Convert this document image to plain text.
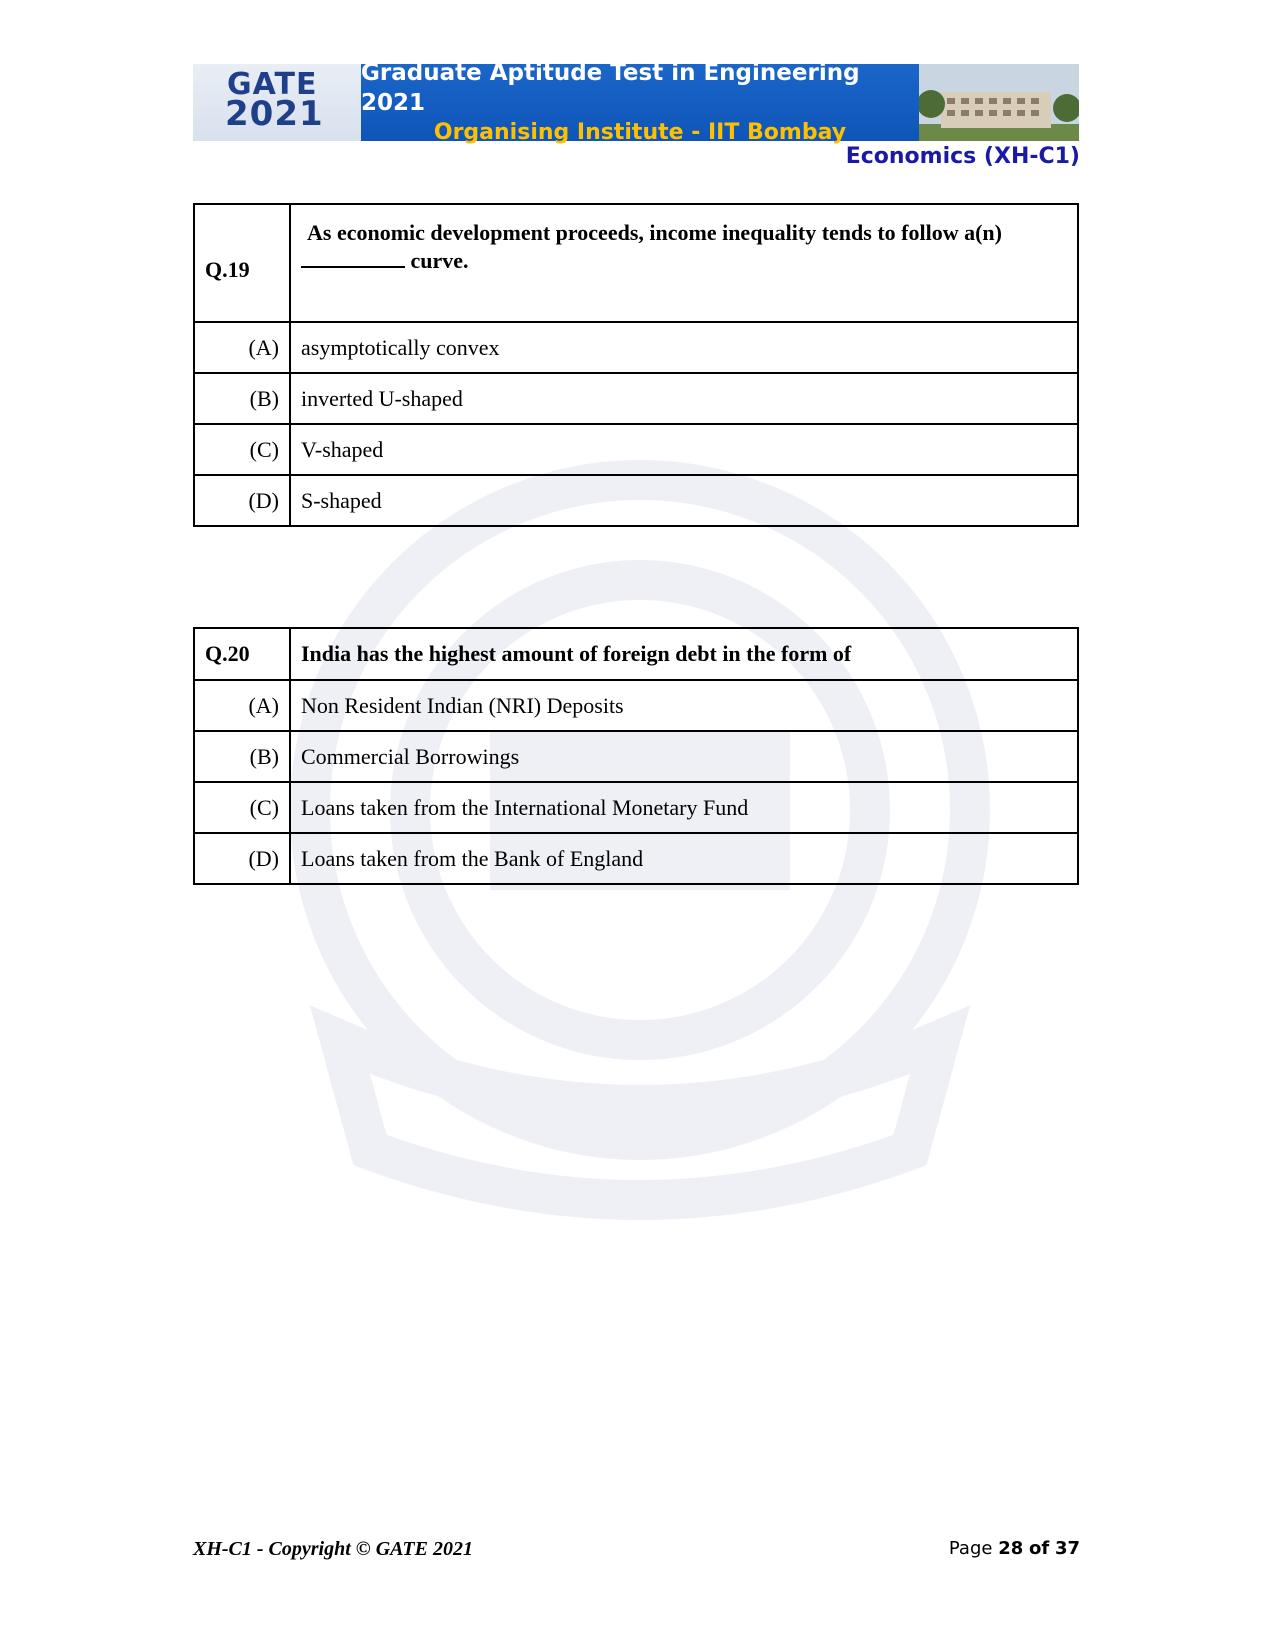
GATE
2021
Graduate Aptitude Test in Engineering 2021
Organising Institute - IIT Bombay
Economics (XH-C1)
Q.19	As economic development proceeds, income inequality tends to follow a(n)
curve.
(A)	asymptotically convex
(B)	inverted U-shaped
(C)	V-shaped
(D)	S-shaped
Q.20	India has the highest amount of foreign debt in the form of
(A)	Non Resident Indian (NRI) Deposits
(B)	Commercial Borrowings
(C)	Loans taken from the International Monetary Fund
(D)	Loans taken from the Bank of England
XH-C1 - Copyright © GATE 2021	Page 28 of 37
